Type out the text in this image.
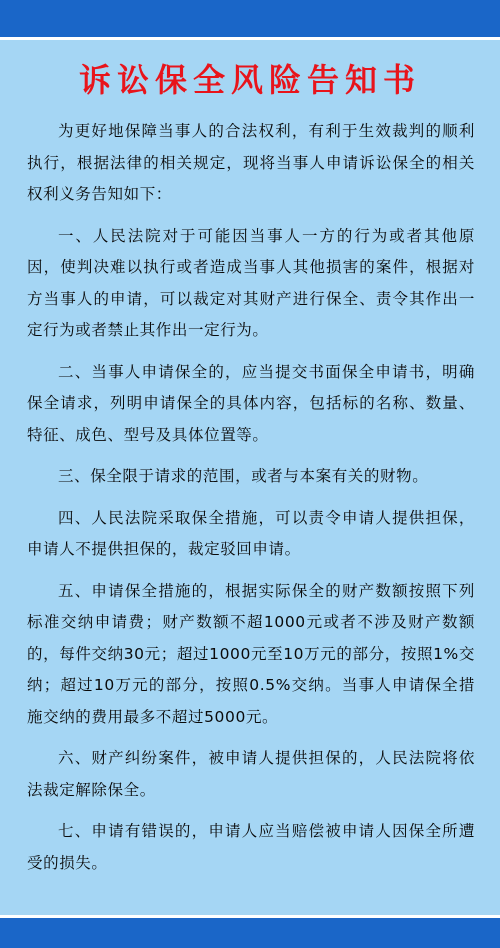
诉讼保全风险告知书

为更好地保障当事人的合法权利，有利于生效裁判的顺利执行，根据法律的相关规定，现将当事人申请诉讼保全的相关权利义务告知如下：

一、人民法院对于可能因当事人一方的行为或者其他原因，使判决难以执行或者造成当事人其他损害的案件，根据对方当事人的申请，可以裁定对其财产进行保全、责令其作出一定行为或者禁止其作出一定行为。

二、当事人申请保全的，应当提交书面保全申请书，明确保全请求，列明申请保全的具体内容，包括标的名称、数量、特征、成色、型号及具体位置等。

三、保全限于请求的范围，或者与本案有关的财物。

四、人民法院采取保全措施，可以责令申请人提供担保，申请人不提供担保的，裁定驳回申请。

五、申请保全措施的，根据实际保全的财产数额按照下列标准交纳申请费；财产数额不超1000元或者不涉及财产数额的，每件交纳30元；超过1000元至10万元的部分，按照1%交纳；超过10万元的部分，按照0.5%交纳。当事人申请保全措施交纳的费用最多不超过5000元。

六、财产纠纷案件，被申请人提供担保的，人民法院将依法裁定解除保全。

七、申请有错误的，申请人应当赔偿被申请人因保全所遭受的损失。
